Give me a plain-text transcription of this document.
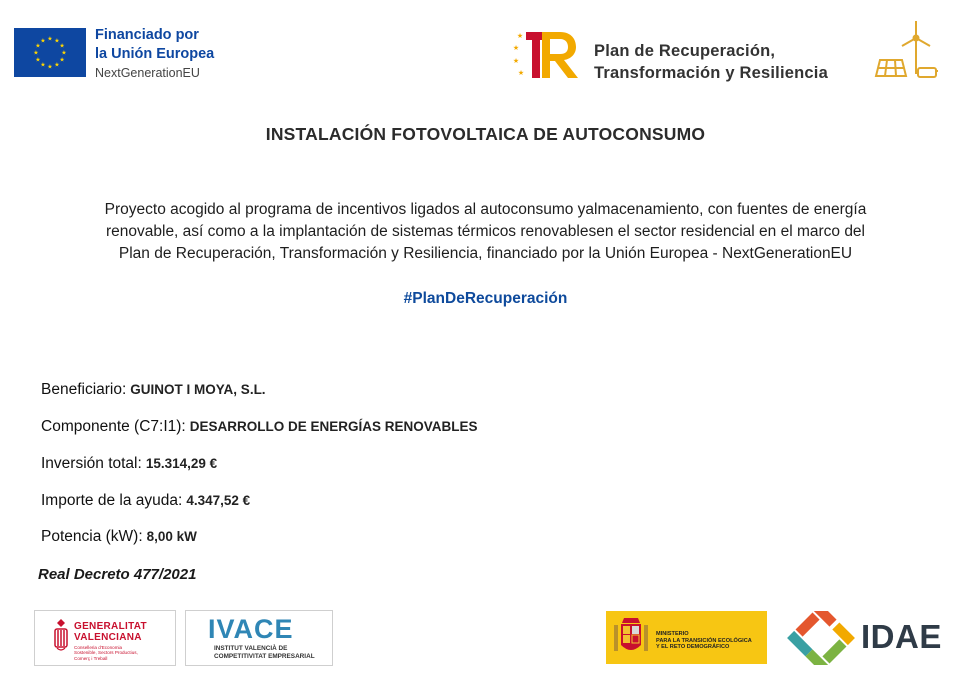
★ ★
★
★
★
★
★
★
★
★
★
★	Financiado por
la Unión Europea
NextGenerationEU
★
★
★
★
Plan de Recuperación,
Transformación y Resiliencia
INSTALACIÓN FOTOVOLTAICA DE AUTOCONSUMO
Proyecto acogido al programa de incentivos ligados al autoconsumo yalmacenamiento, con fuentes de energía
renovable, así como a la implantación de sistemas térmicos renovablesen el sector residencial en el marco del
Plan de Recuperación, Transformación y Resiliencia, financiado por la Unión Europea - NextGenerationEU
#PlanDeRecuperación
Beneficiario: GUINOT I MOYA, S.L.
Componente (C7:I1): DESARROLLO DE ENERGÍAS RENOVABLES
Inversión total: 15.314,29 €
Importe de la ayuda: 4.347,52 €
Potencia (kW): 8,00 kW
Real Decreto 477/2021
GENERALITAT
VALENCIANA
Conselleria d'Economia
Sostenible, Sectors Productius,
Comerç i Treball
IVACE
INSTITUT VALENCIÀ DE
COMPETITIVITAT EMPRESARIAL
MINISTERIO
PARA LA TRANSICIÓN ECOLÓGICA
Y EL RETO DEMOGRÁFICO	IDAE
